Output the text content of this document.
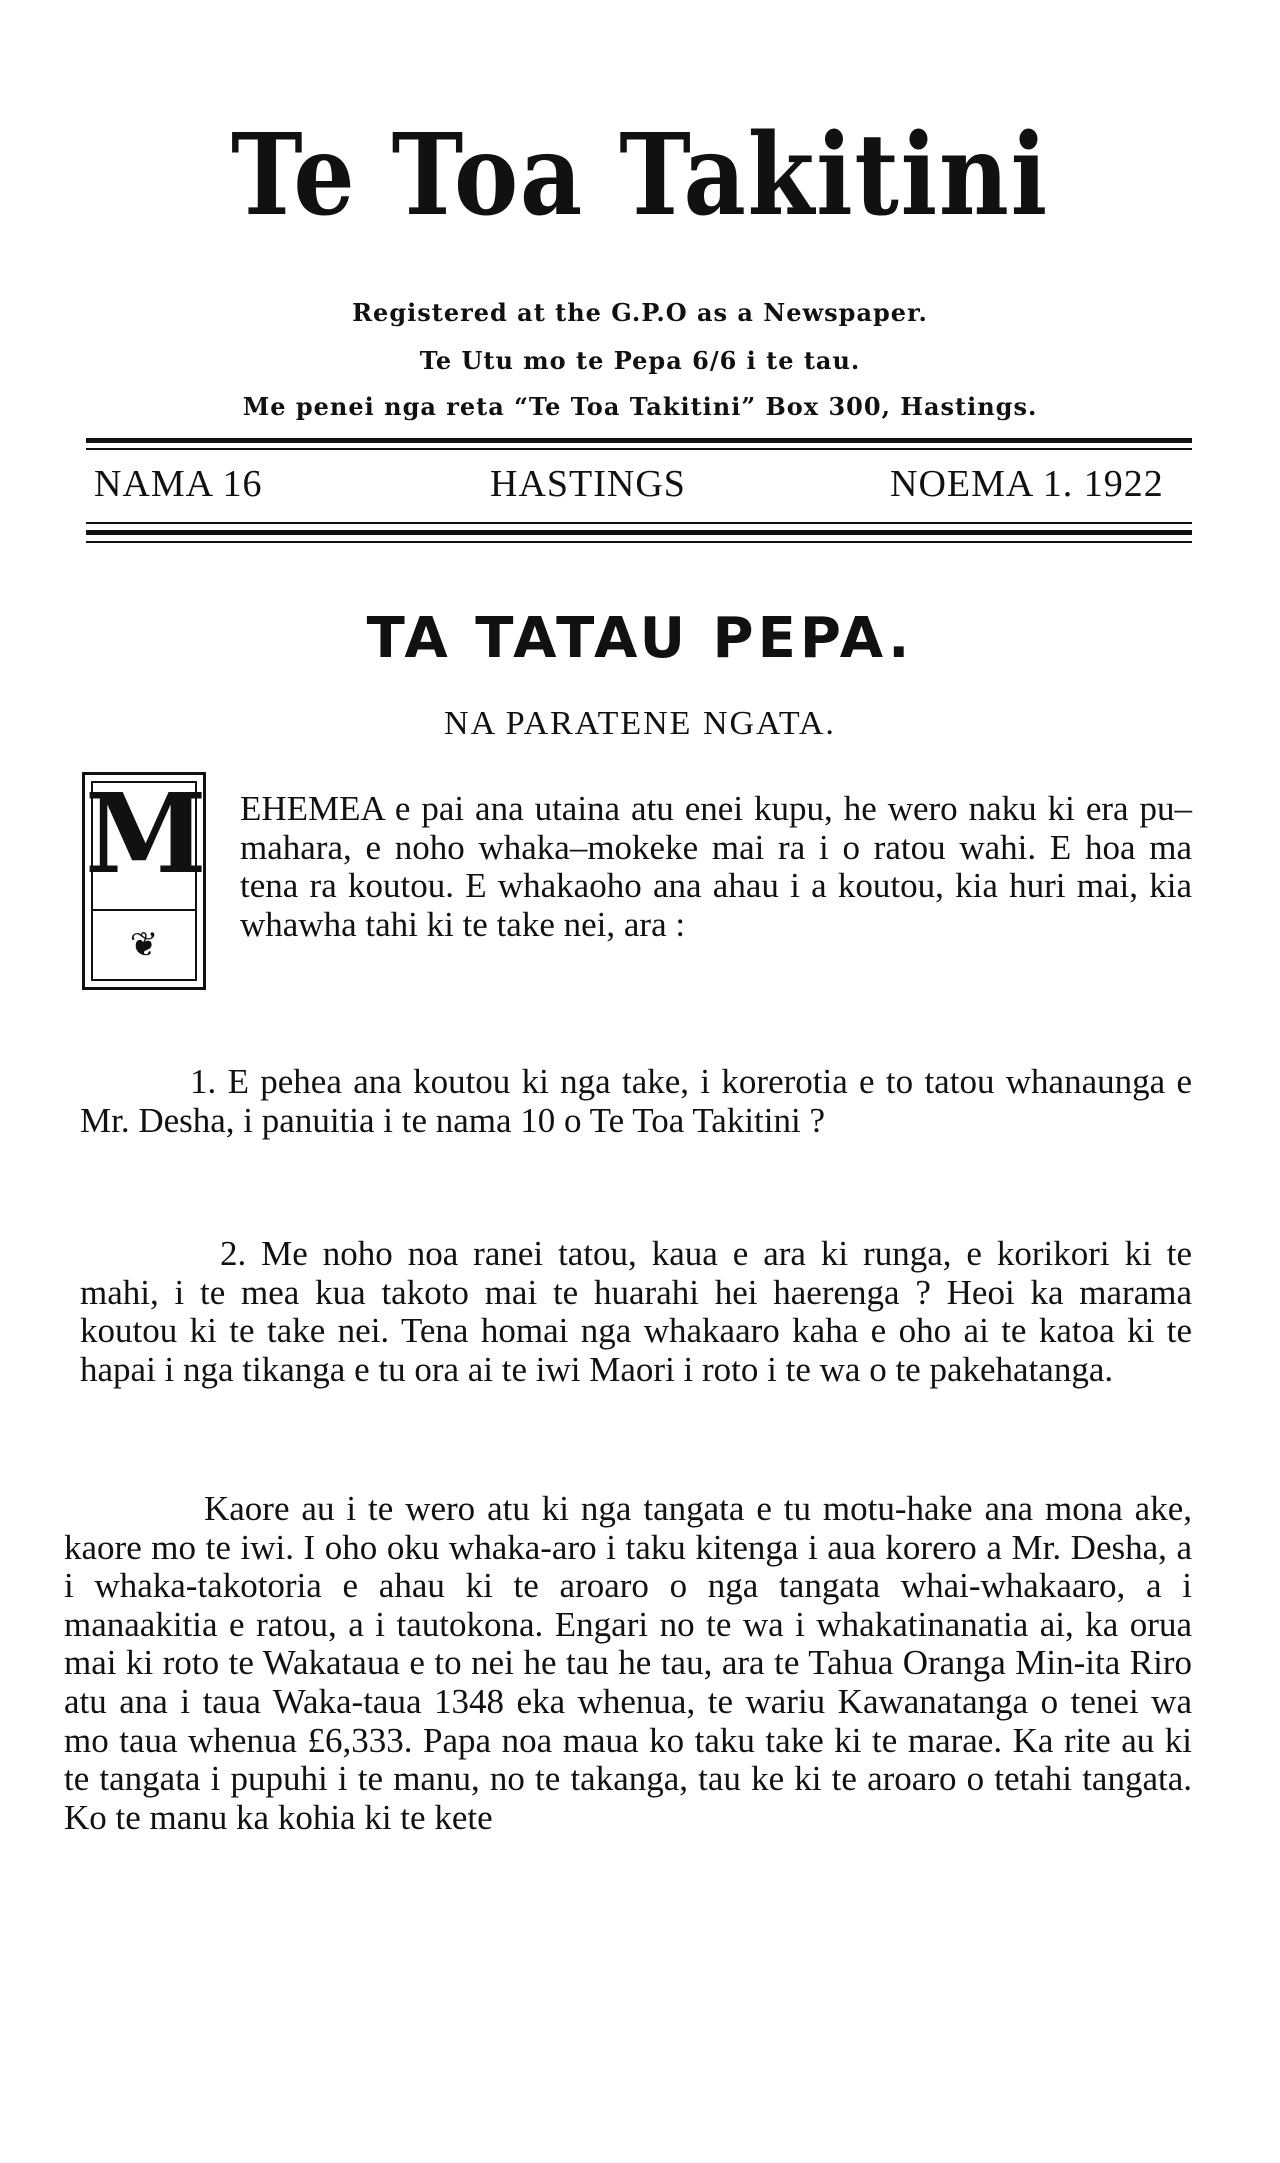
Te Toa Takitini
Registered at the G.P.O as a Newspaper.
Te Utu mo te Pepa 6/6 i te tau.
Me penei nga reta “Te Toa Takitini” Box 300, Hastings.
NAMA 16	HASTINGS	NOEMA 1. 1922
TA TATAU PEPA.
NA PARATENE NGATA.
M
❦

EHEMEA e pai ana utaina atu enei kupu, he wero naku ki era pu–mahara, e noho whaka–mokeke mai ra i o ratou wahi. E hoa ma tena ra koutou. E whakaoho ana ahau i a koutou, kia huri mai, kia whawha tahi ki te take nei, ara :

1. E pehea ana koutou ki nga take, i korerotia e to tatou whanaunga e Mr. Desha, i panuitia i te nama 10 o Te Toa Takitini ?

2. Me noho noa ranei tatou, kaua e ara ki runga, e korikori ki te mahi, i te mea kua takoto mai te huarahi hei haerenga ? Heoi ka marama koutou ki te take nei. Tena homai nga whakaaro kaha e oho ai te katoa ki te hapai i nga tikanga e tu ora ai te iwi Maori i roto i te wa o te pakehatanga.

Kaore au i te wero atu ki nga tangata e tu motu-hake ana mona ake, kaore mo te iwi. I oho oku whaka-aro i taku kitenga i aua korero a Mr. Desha, a i whaka-takotoria e ahau ki te aroaro o nga tangata whai-whakaaro, a i manaakitia e ratou, a i tautokona. Engari no te wa i whakatinanatia ai, ka orua mai ki roto te Wakataua e to nei he tau he tau, ara te Tahua Oranga Min-ita Riro atu ana i taua Waka-taua 1348 eka whenua, te wariu Kawanatanga o tenei wa mo taua whenua £6,333. Papa noa maua ko taku take ki te marae. Ka rite au ki te tangata i pupuhi i te manu, no te takanga, tau ke ki te aroaro o tetahi tangata. Ko te manu ka kohia ki te kete
